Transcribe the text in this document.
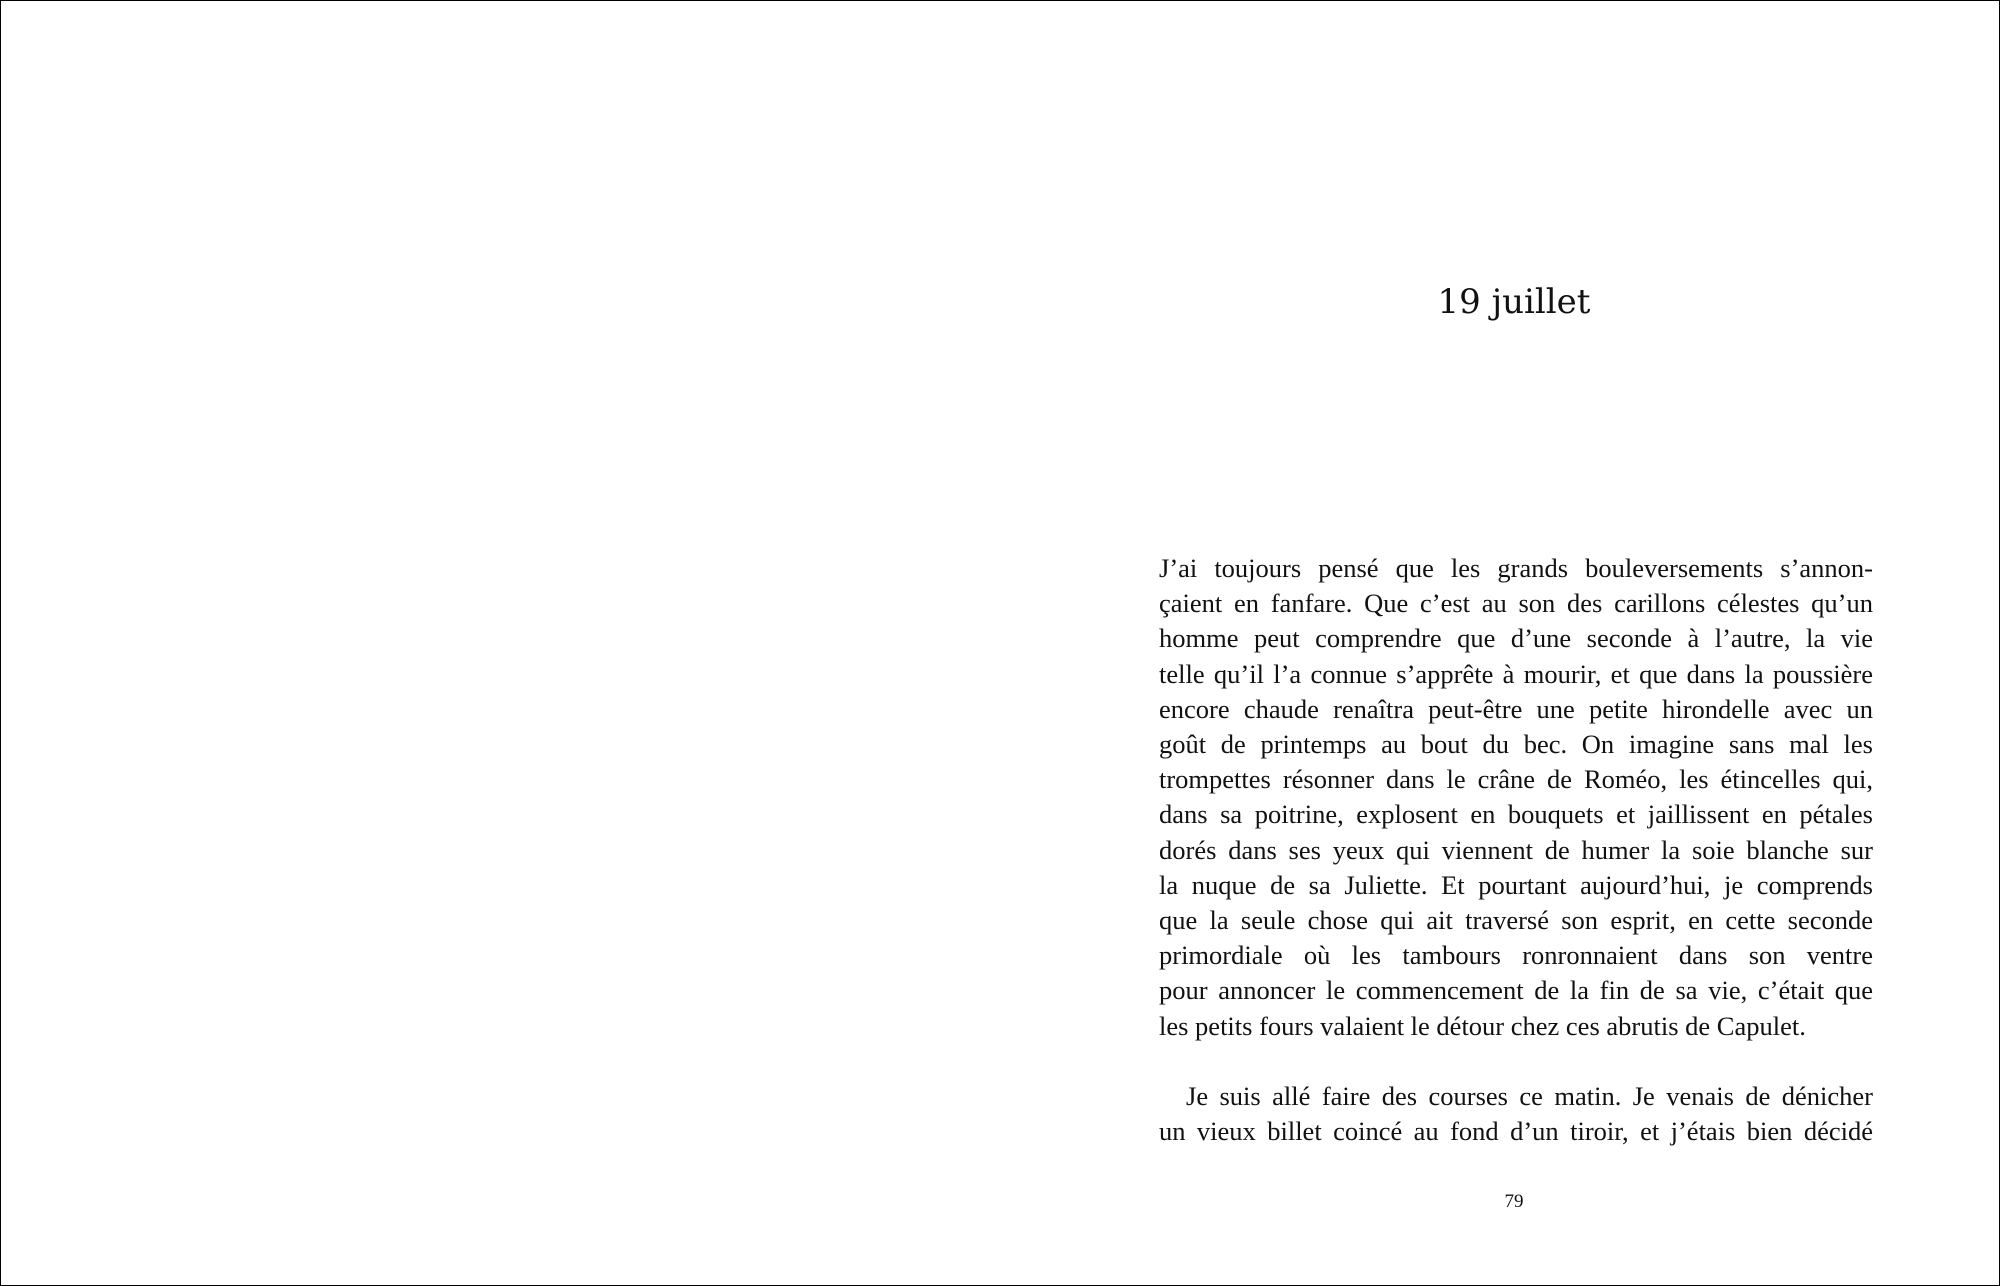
19 juillet

J’ai toujours pensé que les grands bouleversements s’annon-
çaient en fanfare. Que c’est au son des carillons célestes qu’un
homme peut comprendre que d’une seconde à l’autre, la vie
telle qu’il l’a connue s’apprête à mourir, et que dans la poussière
encore chaude renaîtra peut-être une petite hirondelle avec un
goût de printemps au bout du bec. On imagine sans mal les
trompettes résonner dans le crâne de Roméo, les étincelles qui,
dans sa poitrine, explosent en bouquets et jaillissent en pétales
dorés dans ses yeux qui viennent de humer la soie blanche sur
la nuque de sa Juliette. Et pourtant aujourd’hui, je comprends
que la seule chose qui ait traversé son esprit, en cette seconde
primordiale où les tambours ronronnaient dans son ventre
pour annoncer le commencement de la fin de sa vie, c’était que
les petits fours valaient le détour chez ces abrutis de Capulet.

Je suis allé faire des courses ce matin. Je venais de dénicher
un vieux billet coincé au fond d’un tiroir, et j’étais bien décidé

79
